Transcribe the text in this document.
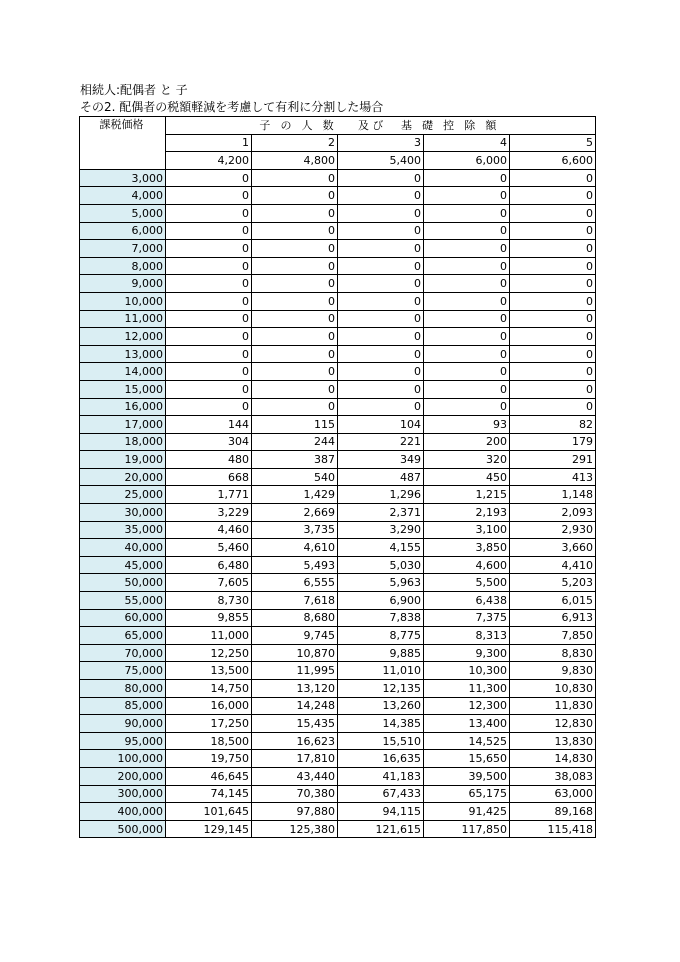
相続人:配偶者 と 子
その2. 配偶者の税額軽減を考慮して有利に分割した場合
課税価格	子 の 人 数　 及び　基 礎 控 除 額				
	1	2	3	4	5
	4,200	4,800	5,400	6,000	6,600
3,000	0	0	0	0	0
4,000	0	0	0	0	0
5,000	0	0	0	0	0
6,000	0	0	0	0	0
7,000	0	0	0	0	0
8,000	0	0	0	0	0
9,000	0	0	0	0	0
10,000	0	0	0	0	0
11,000	0	0	0	0	0
12,000	0	0	0	0	0
13,000	0	0	0	0	0
14,000	0	0	0	0	0
15,000	0	0	0	0	0
16,000	0	0	0	0	0
17,000	144	115	104	93	82
18,000	304	244	221	200	179
19,000	480	387	349	320	291
20,000	668	540	487	450	413
25,000	1,771	1,429	1,296	1,215	1,148
30,000	3,229	2,669	2,371	2,193	2,093
35,000	4,460	3,735	3,290	3,100	2,930
40,000	5,460	4,610	4,155	3,850	3,660
45,000	6,480	5,493	5,030	4,600	4,410
50,000	7,605	6,555	5,963	5,500	5,203
55,000	8,730	7,618	6,900	6,438	6,015
60,000	9,855	8,680	7,838	7,375	6,913
65,000	11,000	9,745	8,775	8,313	7,850
70,000	12,250	10,870	9,885	9,300	8,830
75,000	13,500	11,995	11,010	10,300	9,830
80,000	14,750	13,120	12,135	11,300	10,830
85,000	16,000	14,248	13,260	12,300	11,830
90,000	17,250	15,435	14,385	13,400	12,830
95,000	18,500	16,623	15,510	14,525	13,830
100,000	19,750	17,810	16,635	15,650	14,830
200,000	46,645	43,440	41,183	39,500	38,083
300,000	74,145	70,380	67,433	65,175	63,000
400,000	101,645	97,880	94,115	91,425	89,168
500,000	129,145	125,380	121,615	117,850	115,418
